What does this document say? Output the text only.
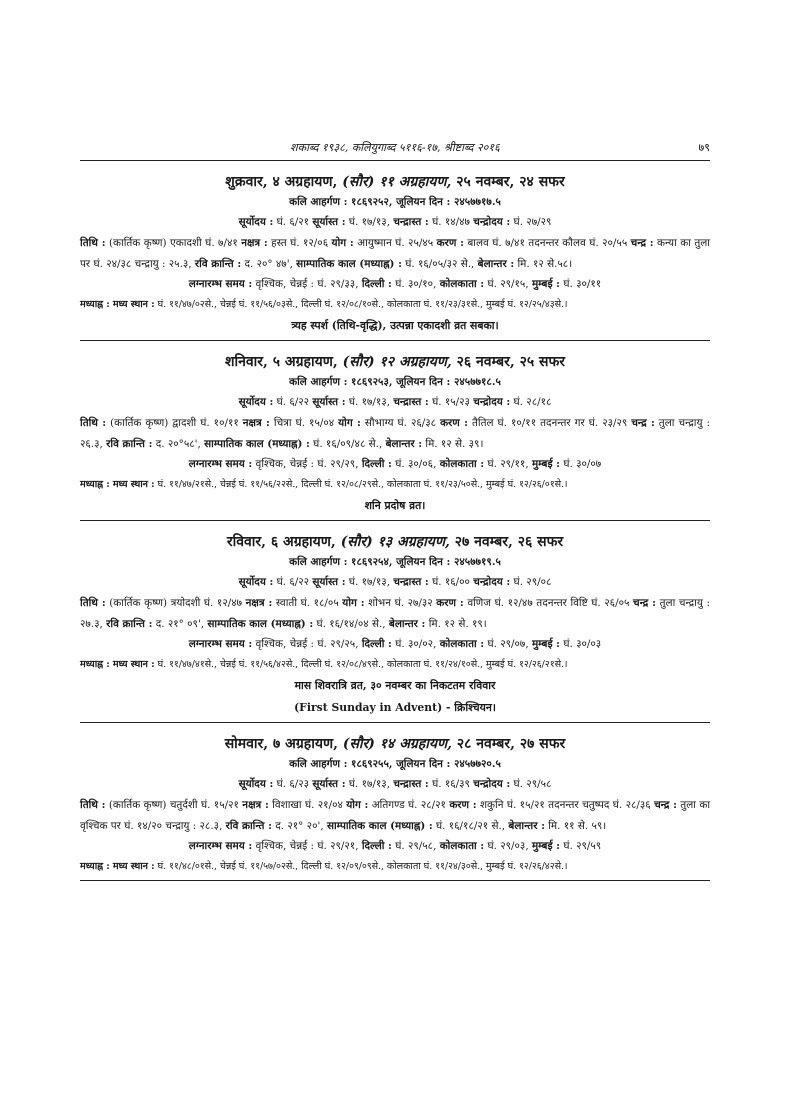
शकाब्द १९३८, कलियुगाब्द ५११६-१७, श्रीष्टाब्द २०१६	७९
शुक्रवार, ४ अग्रहायण, (सौर) ११ अग्रहायण, २५ नवम्बर, २४ सफर
कलि आहर्गण : १८६९२५२, जूलियन दिन : २४५७७१७.५
सूर्योदय : घं. ६/२१ सूर्यास्त : घं. १७/१३, चन्द्रास्त : घं. १४/४७ चन्द्रोदय : घं. २७/२९
तिथि : (कार्तिक कृष्ण) एकादशी घं. ७/४१ नक्षत्र : हस्त घं. १२/०६ योग : आयुष्मान घं. २५/४५ करण : बालव घं. ७/४१ तदनन्तर कौलव घं. २०/५५ चन्द्र : कन्या का तुला पर घं. २४/३८ चन्द्रायु : २५.३, रवि क्रान्ति : द. २०° ४७', साम्पातिक काल (मध्याह्न) : घं. १६/०५/३२ से., बेलान्तर : मि. १२ से.५८।
लग्नारम्भ समय : वृश्चिक, चेन्नई : घं. २९/३३, दिल्ली : घं. ३०/१०, कोलकाता : घं. २९/१५, मुम्बई : घं. ३०/११
मध्याह्न : मध्य स्थान : घं. ११/४७/०२से., चेन्नई घं. ११/५६/०३से., दिल्ली घं. १२/०८/१०से., कोलकाता घं. ११/२३/३१से., मुम्बई घं. १२/२५/४३से.।
त्र्यह स्पर्श (तिथि-वृद्धि), उत्पन्ना एकादशी व्रत सबका।
शनिवार, ५ अग्रहायण, (सौर) १२ अग्रहायण, २६ नवम्बर, २५ सफर
कलि आहर्गण : १८६९२५३, जूलियन दिन : २४५७७१८.५
सूर्योदय : घं. ६/२२ सूर्यास्त : घं. १७/१३, चन्द्रास्त : घं. १५/२३ चन्द्रोदय : घं. २८/१८
तिथि : (कार्तिक कृष्ण) द्वादशी घं. १०/११ नक्षत्र : चित्रा घं. १५/०४ योग : सौभाग्य घं. २६/३८ करण : तैतिल घं. १०/११ तदनन्तर गर घं. २३/२९ चन्द्र : तुला चन्द्रायु : २६.३, रवि क्रान्ति : द. २०°५८', साम्पातिक काल (मध्याह्न) : घं. १६/०९/४८ से., बेलान्तर : मि. १२ से. ३९।
लग्नारम्भ समय : वृश्चिक, चेन्नई : घं. २९/२९, दिल्ली : घं. ३०/०६, कोलकाता : घं. २९/११, मुम्बई : घं. ३०/०७
मध्याह्न : मध्य स्थान : घं. ११/४७/२१से., चेन्नई घं. ११/५६/२२से., दिल्ली घं. १२/०८/२९से., कोलकाता घं. ११/२३/५०से., मुम्बई घं. १२/२६/०१से.।
शनि प्रदोष व्रत।
रविवार, ६ अग्रहायण, (सौर) १३ अग्रहायण, २७ नवम्बर, २६ सफर
कलि आहर्गण : १८६९२५४, जूलियन दिन : २४५७७१९.५
सूर्योदय : घं. ६/२२ सूर्यास्त : घं. १७/१३, चन्द्रास्त : घं. १६/०० चन्द्रोदय : घं. २९/०८
तिथि : (कार्तिक कृष्ण) त्रयोदशी घं. १२/४७ नक्षत्र : स्वाती घं. १८/०५ योग : शोभन घं. २७/३२ करण : वणिज घं. १२/४७ तदनन्तर विष्टि घं. २६/०५ चन्द्र : तुला चन्द्रायु : २७.३, रवि क्रान्ति : द. २१° ०९', साम्पातिक काल (मध्याह्न) : घं. १६/१४/०४ से., बेलान्तर : मि. १२ से. १९।
लग्नारम्भ समय : वृश्चिक, चेन्नई : घं. २९/२५, दिल्ली : घं. ३०/०२, कोलकाता : घं. २९/०७, मुम्बई : घं. ३०/०३
मध्याह्न : मध्य स्थान : घं. ११/४७/४१से., चेन्नई घं. ११/५६/४२से., दिल्ली घं. १२/०८/४९से., कोलकाता घं. ११/२४/१०से., मुम्बई घं. १२/२६/२१से.।
मास शिवरात्रि व्रत, ३० नवम्बर का निकटतम रविवार
(First Sunday in Advent) - क्रिश्चियन।
सोमवार, ७ अग्रहायण, (सौर) १४ अग्रहायण, २८ नवम्बर, २७ सफर
कलि आहर्गण : १८६९२५५, जूलियन दिन : २४५७७२०.५
सूर्योदय : घं. ६/२३ सूर्यास्त : घं. १७/१३, चन्द्रास्त : घं. १६/३९ चन्द्रोदय : घं. २९/५८
तिथि : (कार्तिक कृष्ण) चतुर्दशी घं. १५/२१ नक्षत्र : विशाखा घं. २१/०४ योग : अतिगण्ड घं. २८/२१ करण : शकुनि घं. १५/२१ तदनन्तर चतुष्पद घं. २८/३६ चन्द्र : तुला का वृश्चिक पर घं. १४/२० चन्द्रायु : २८.३, रवि क्रान्ति : द. २१° २०', साम्पातिक काल (मध्याह्न) : घं. १६/१८/२१ से., बेलान्तर : मि. ११ से. ५९।
लग्नारम्भ समय : वृश्चिक, चेन्नई : घं. २९/२१, दिल्ली : घं. २९/५८, कोलकाता : घं. २९/०३, मुम्बई : घं. २९/५९
मध्याह्न : मध्य स्थान : घं. ११/४८/०१से., चेन्नई घं. ११/५७/०२से., दिल्ली घं. १२/०९/०९से., कोलकाता घं. ११/२४/३०से., मुम्बई घं. १२/२६/४२से.।
